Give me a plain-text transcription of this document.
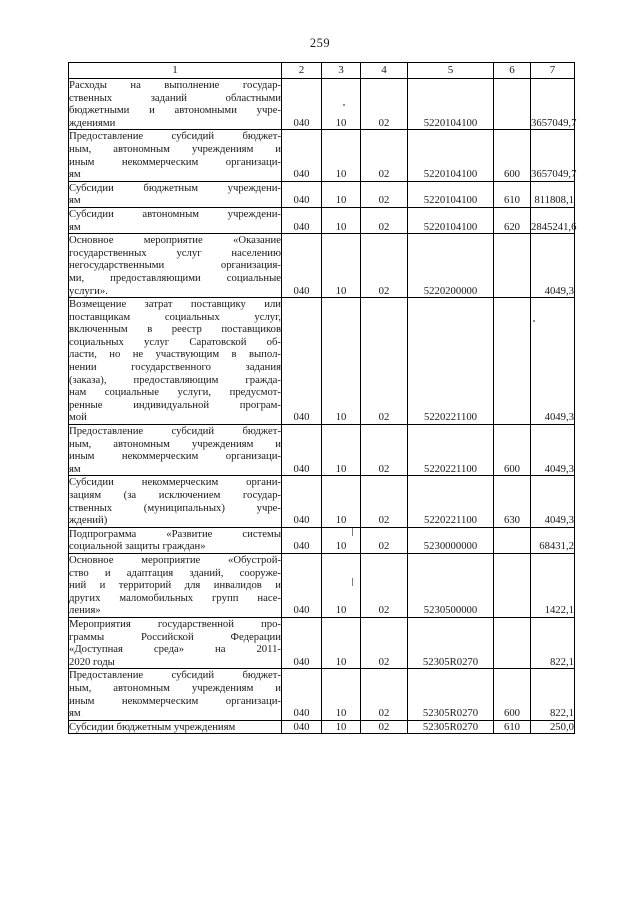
259
1	2	3	4	5	6	7

Расходы на выполнение государ-
ственных заданий областными
бюджетными и автономными учре-
ждениями	040	10	02	5220104100		3657049,7

Предоставление субсидий бюджет-
ным, автономным учреждениям и
иным некоммерческим организаци-
ям	040	10	02	5220104100	600	3657049,7

Субсидии бюджетным учреждени-
ям	040	10	02	5220104100	610	811808,1

Субсидии автономным учреждени-
ям	040	10	02	5220104100	620	2845241,6

Основное мероприятие «Оказание
государственных услуг населению
негосударственными организация-
ми, предоставляющими социальные
услуги».	040	10	02	5220200000		4049,3

Возмещение затрат поставщику или
поставщикам социальных услуг,
включенным в реестр поставщиков
социальных услуг Саратовской об-
ласти, но не участвующим в выпол-
нении государственного задания
(заказа), предоставляющим гражда-
нам социальные услуги, предусмот-
ренные индивидуальной програм-
мой	040	10	02	5220221100		4049,3

Предоставление субсидий бюджет-
ным, автономным учреждениям и
иным некоммерческим организаци-
ям	040	10	02	5220221100	600	4049,3

Субсидии некоммерческим органи-
зациям (за исключением государ-
ственных (муниципальных) учре-
ждений)	040	10	02	5220221100	630	4049,3

Подпрограмма «Развитие системы
социальной защиты граждан»	040	10	02	5230000000		68431,2

Основное мероприятие «Обустрой-
ство и адаптация зданий, сооруже-
ний и территорий для инвалидов и
других маломобильных групп насе-
ления»	040	10	02	5230500000		1422,1

Мероприятия государственной про-
граммы Российской Федерации
«Доступная среда» на 2011-
2020 годы	040	10	02	52305R0270		822,1

Предоставление субсидий бюджет-
ным, автономным учреждениям и
иным некоммерческим организаци-
ям	040	10	02	52305R0270	600	822,1

Субсидии бюджетным учреждениям	040	10	02	52305R0270	610	250,0
